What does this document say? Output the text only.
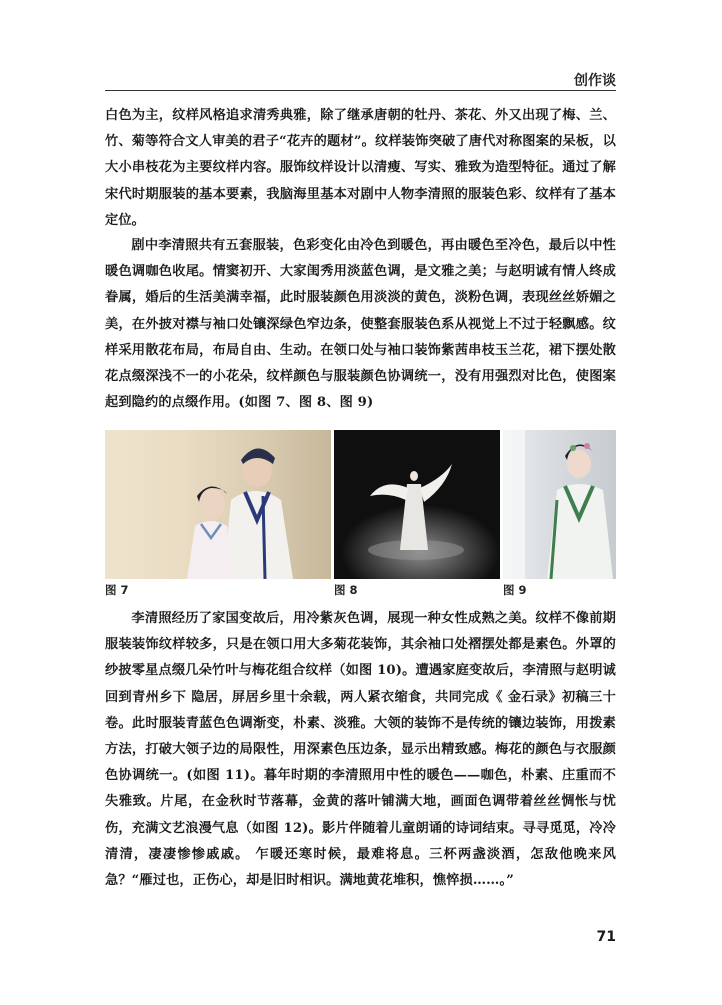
创作谈

白色为主，纹样风格追求清秀典雅，除了继承唐朝的牡丹、茶花、外又出现了梅、兰、竹、菊等符合文人审美的君子“花卉的题材”。纹样装饰突破了唐代对称图案的呆板，以大小串枝花为主要纹样内容。服饰纹样设计以清瘦、写实、雅致为造型特征。通过了解宋代时期服装的基本要素，我脑海里基本对剧中人物李清照的服装色彩、纹样有了基本定位。

剧中李清照共有五套服装，色彩变化由冷色到暖色，再由暖色至冷色，最后以中性暖色调咖色收尾。情窦初开、大家闺秀用淡蓝色调，是文雅之美；与赵明诚有情人终成眷属，婚后的生活美满幸福，此时服装颜色用淡淡的黄色，淡粉色调，表现丝丝娇媚之美，在外披对襟与袖口处镶深绿色窄边条，使整套服装色系从视觉上不过于轻飘感。纹样采用散花布局，布局自由、生动。在领口处与袖口装饰紫茜串枝玉兰花，裙下摆处散花点缀深浅不一的小花朵，纹样颜色与服装颜色协调统一，没有用强烈对比色，使图案起到隐约的点缀作用。(如图 7、图 8、图 9)

图 7	图 8	图 9

李清照经历了家国变故后，用冷紫灰色调，展现一种女性成熟之美。纹样不像前期服装装饰纹样较多，只是在领口用大多菊花装饰，其余袖口处褶摆处都是素色。外罩的纱披零星点缀几朵竹叶与梅花组合纹样（如图 10)。遭遇家庭变故后，李清照与赵明诚回到青州乡下 隐居，屏居乡里十余载，两人紧衣缩食，共同完成《 金石录》初稿三十卷。此时服装青蓝色色调渐变，朴素、淡雅。大领的装饰不是传统的镶边装饰，用拨素方法，打破大领子边的局限性，用深素色压边条，显示出精致感。梅花的颜色与衣服颜色协调统一。(如图 11)。暮年时期的李清照用中性的暖色——咖色，朴素、庄重而不失雅致。片尾，在金秋时节落幕，金黄的落叶铺满大地，画面色调带着丝丝惆怅与忧伤，充满文艺浪漫气息（如图 12)。影片伴随着儿童朗诵的诗词结束。寻寻觅觅，冷冷清清，凄凄惨惨戚戚。 乍暖还寒时候，最难将息。三杯两盏淡酒，怎敌他晚来风急？“雁过也，正伤心，却是旧时相识。满地黄花堆积，憔悴损……。”

71
